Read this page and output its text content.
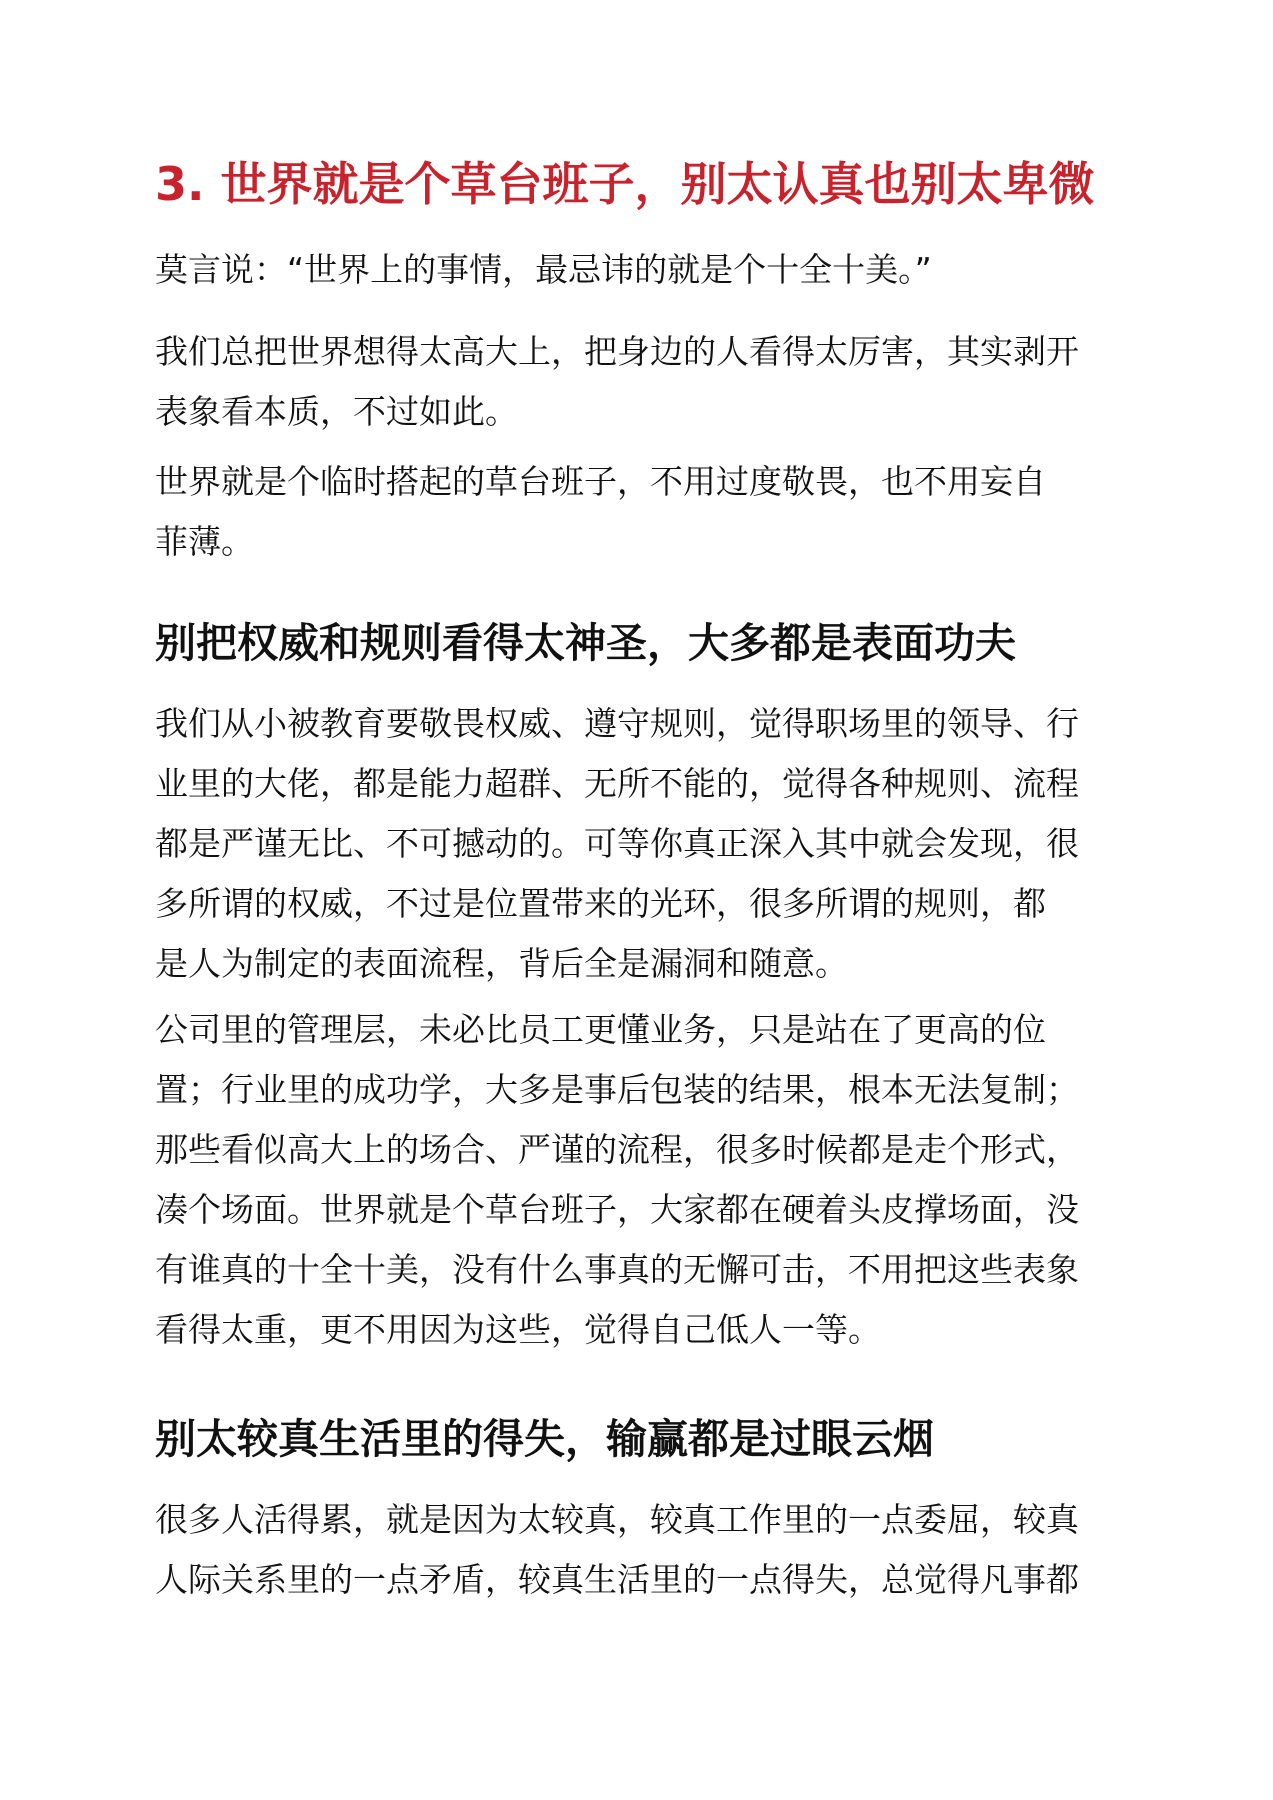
3. 世界就是个草台班子，别太认真也别太卑微

莫言说：“世界上的事情，最忌讳的就是个十全十美。”

我们总把世界想得太高大上，把身边的人看得太厉害，其实剥开
表象看本质，不过如此。

世界就是个临时搭起的草台班子，不用过度敬畏，也不用妄自
菲薄。

别把权威和规则看得太神圣，大多都是表面功夫

我们从小被教育要敬畏权威、遵守规则，觉得职场里的领导、行
业里的大佬，都是能力超群、无所不能的，觉得各种规则、流程
都是严谨无比、不可撼动的。可等你真正深入其中就会发现，很
多所谓的权威，不过是位置带来的光环，很多所谓的规则，都
是人为制定的表面流程，背后全是漏洞和随意。

公司里的管理层，未必比员工更懂业务，只是站在了更高的位
置；行业里的成功学，大多是事后包装的结果，根本无法复制；
那些看似高大上的场合、严谨的流程，很多时候都是走个形式，
凑个场面。世界就是个草台班子，大家都在硬着头皮撑场面，没
有谁真的十全十美，没有什么事真的无懈可击，不用把这些表象
看得太重，更不用因为这些，觉得自己低人一等。

别太较真生活里的得失，输赢都是过眼云烟

很多人活得累，就是因为太较真，较真工作里的一点委屈，较真
人际关系里的一点矛盾，较真生活里的一点得失，总觉得凡事都
